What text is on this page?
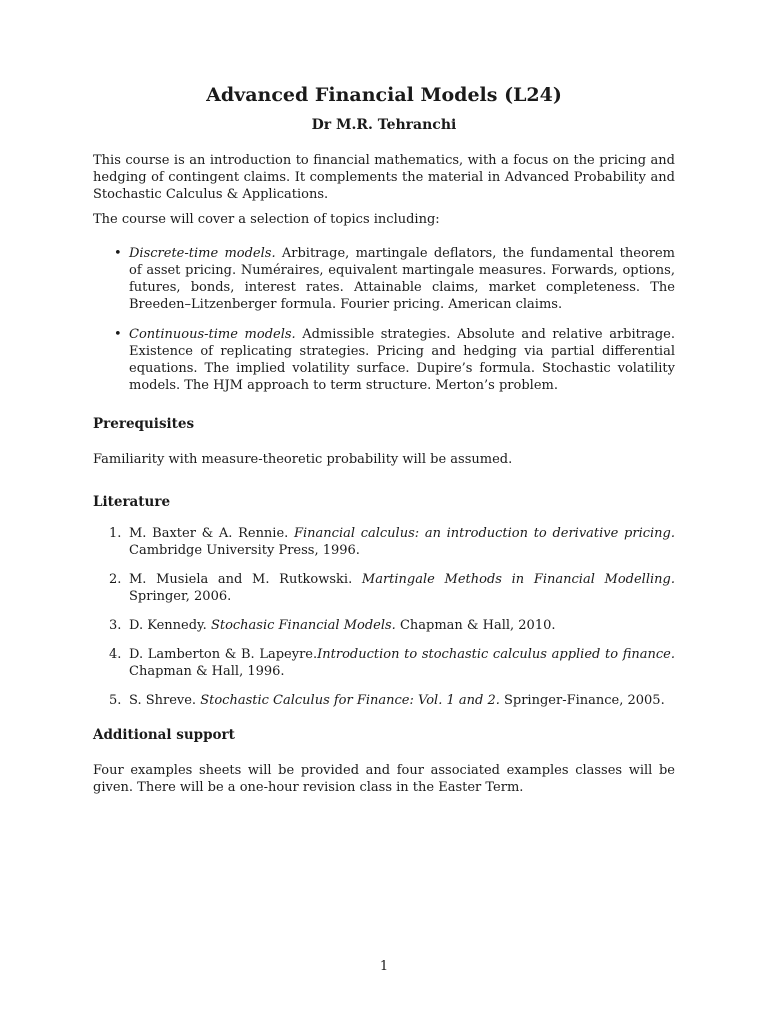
Advanced Financial Models (L24)

Dr M.R. Tehranchi

This course is an introduction to financial mathematics, with a focus on the pricing and hedging of contingent claims. It complements the material in Advanced Probability and Stochastic Calculus & Applications.

The course will cover a selection of topics including:

• Discrete-time models. Arbitrage, martingale deflators, the fundamental theorem of asset pricing. Numéraires, equivalent martingale measures. Forwards, options, futures, bonds, interest rates. Attainable claims, market completeness. The Breeden–Litzenberger formula. Fourier pricing. American claims.
• Continuous-time models. Admissible strategies. Absolute and relative arbitrage. Existence of replicating strategies. Pricing and hedging via partial differential equations. The implied volatility surface. Dupire’s formula. Stochastic volatility models. The HJM approach to term structure. Merton’s problem.
Prerequisites

Familiarity with measure-theoretic probability will be assumed.

Literature
1. M. Baxter & A. Rennie. Financial calculus: an introduction to derivative pricing. Cambridge University Press, 1996.
2. M. Musiela and M. Rutkowski. Martingale Methods in Financial Modelling. Springer, 2006.
3. D. Kennedy. Stochasic Financial Models. Chapman & Hall, 2010.
4. D. Lamberton & B. Lapeyre.Introduction to stochastic calculus applied to finance. Chapman & Hall, 1996.
5. S. Shreve. Stochastic Calculus for Finance: Vol. 1 and 2. Springer-Finance, 2005.
Additional support

Four examples sheets will be provided and four associated examples classes will be given. There will be a one-hour revision class in the Easter Term.

1
